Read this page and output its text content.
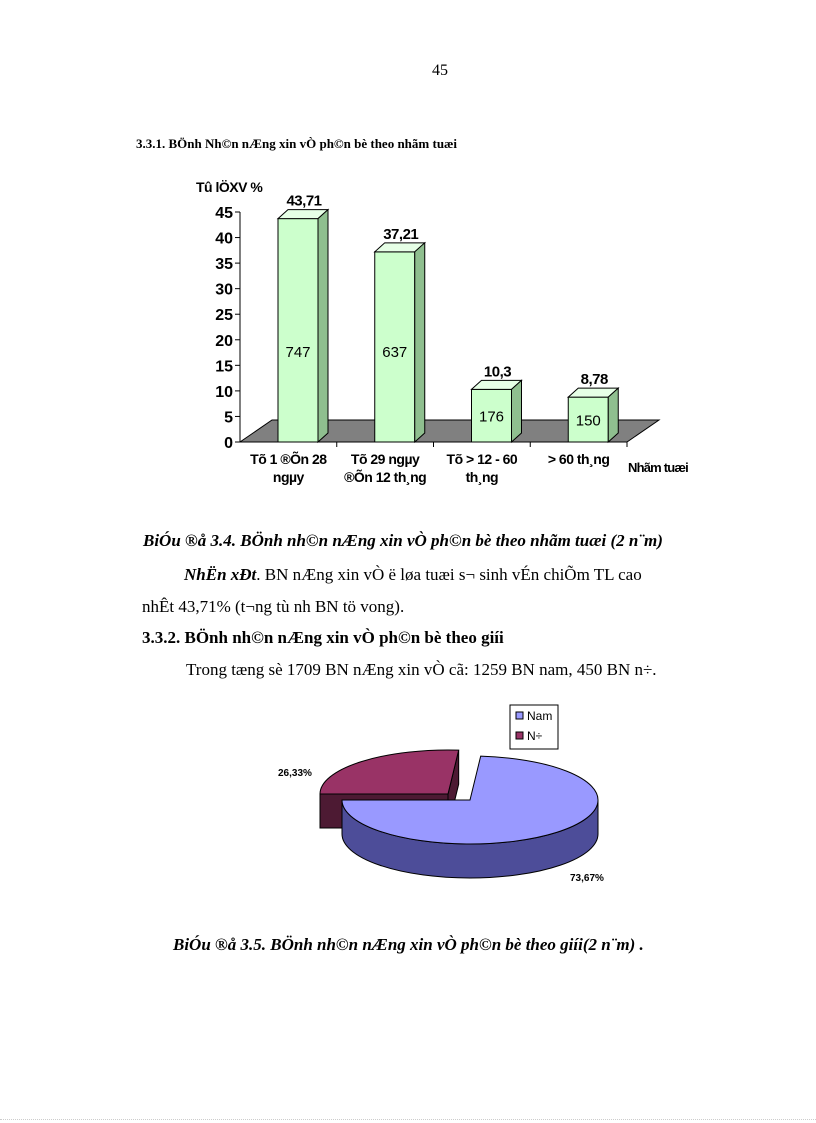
45
3.3.1. BÖnh Nh©n nÆng xin vÒ ph©n bè theo nhãm tuæi
0
5
10
15
20
25
30
35
40
45
Tû lÖXV %
43,71
747
Tõ 1 ®Õn 28
ngµy
37,21
637
Tõ 29 ngµy
®Õn 12 th¸ng
10,3
176
Tõ > 12 - 60
th¸ng
8,78
150
> 60 th¸ng
Nhãm tuæi
BiÓu ®å 3.4. BÖnh nh©n nÆng xin vÒ ph©n bè theo nhãm tuæi (2 n¨m)
NhËn xÐt. BN nÆng xin vÒ ë løa tuæi s¬ sinh vÉn chiÕm TL cao
nhÊt 43,71% (t¬ng tù nh BN tö vong).
3.3.2. BÖnh nh©n nÆng xin vÒ ph©n bè theo giíi
Trong tæng sè 1709 BN nÆng xin vÒ cã: 1259 BN nam, 450 BN n÷.
Nam
N÷
26,33%
73,67%
BiÓu ®å 3.5. BÖnh nh©n nÆng xin vÒ ph©n bè theo giíi(2 n¨m) .
